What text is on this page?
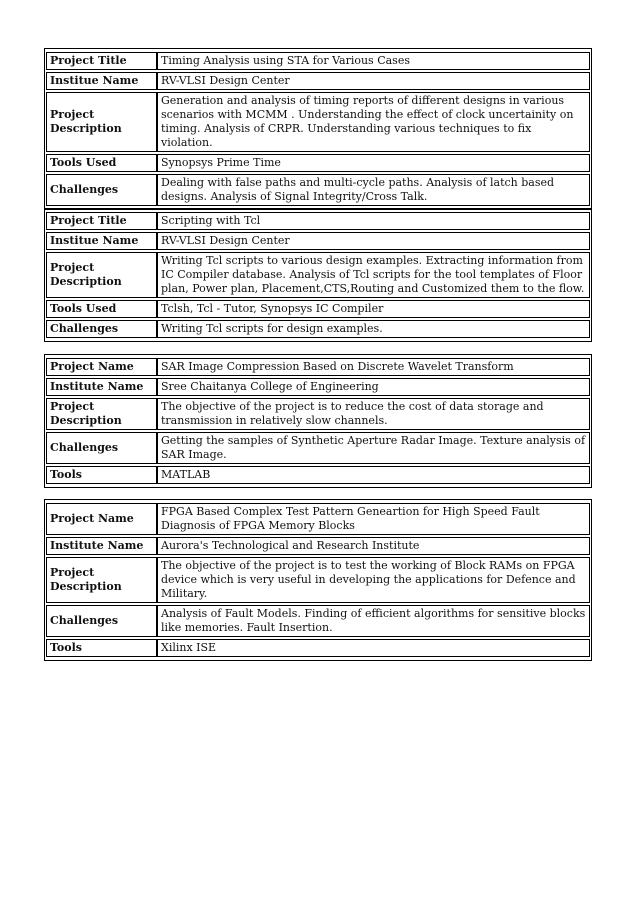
Project Title	Timing Analysis using STA for Various Cases
Institue Name	RV-VLSI Design Center
Project Description	Generation and analysis of timing reports of different designs in various scenarios with MCMM . Understanding the effect of clock uncertainity on timing. Analysis of CRPR. Understanding various techniques to fix violation.
Tools Used	Synopsys Prime Time
Challenges	Dealing with false paths and multi-cycle paths. Analysis of latch based designs. Analysis of Signal Integrity/Cross Talk.
Project Title	Scripting with Tcl
Institue Name	RV-VLSI Design Center
Project Description	Writing Tcl scripts to various design examples. Extracting information from IC Compiler database. Analysis of Tcl scripts for the tool templates of Floor plan, Power plan, Placement,CTS,Routing and Customized them to the flow.
Tools Used	Tclsh, Tcl - Tutor, Synopsys IC Compiler
Challenges	Writing Tcl scripts for design examples.
Project Name	SAR Image Compression Based on Discrete Wavelet Transform
Institute Name	Sree Chaitanya College of Engineering
Project Description	The objective of the project is to reduce the cost of data storage and transmission in relatively slow channels.
Challenges	Getting the samples of Synthetic Aperture Radar Image. Texture analysis of SAR Image.
Tools	MATLAB
Project Name	FPGA Based Complex Test Pattern Geneartion for High Speed Fault Diagnosis of FPGA Memory Blocks
Institute Name	Aurora's Technological and Research Institute
Project Description	The objective of the project is to test the working of Block RAMs on FPGA device which is very useful in developing the applications for Defence and Military.
Challenges	Analysis of Fault Models. Finding of efficient algorithms for sensitive blocks like memories. Fault Insertion.
Tools	Xilinx ISE
